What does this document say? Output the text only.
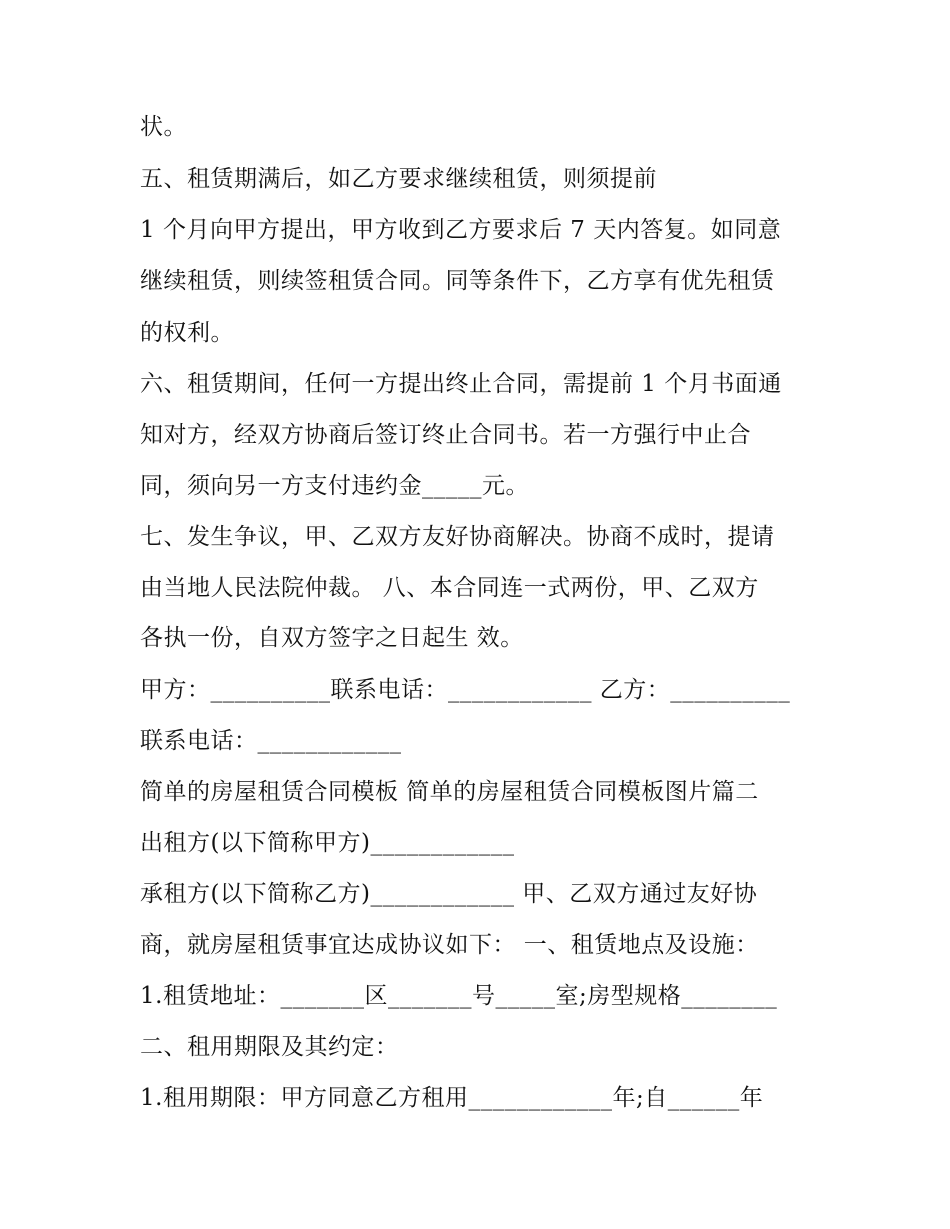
状。

五、租赁期满后，如乙方要求继续租赁，则须提前

1 个月向甲方提出，甲方收到乙方要求后 7 天内答复。如同意

继续租赁，则续签租赁合同。同等条件下，乙方享有优先租赁

的权利。

六、租赁期间，任何一方提出终止合同，需提前 1 个月书面通

知对方，经双方协商后签订终止合同书。若一方强行中止合

同，须向另一方支付违约金_____元。

七、发生争议，甲、乙双方友好协商解决。协商不成时，提请

由当地人民法院仲裁。 八、本合同连一式两份，甲、乙双方

各执一份，自双方签字之日起生 效。

甲方：__________联系电话：____________ 乙方：__________

联系电话：____________

简单的房屋租赁合同模板 简单的房屋租赁合同模板图片篇二

出租方(以下简称甲方)____________

承租方(以下简称乙方)____________ 甲、乙双方通过友好协

商，就房屋租赁事宜达成协议如下： 一、租赁地点及设施：

1.租赁地址：_______区_______号_____室;房型规格________

二、租用期限及其约定：

1.租用期限：甲方同意乙方租用____________年;自______年
